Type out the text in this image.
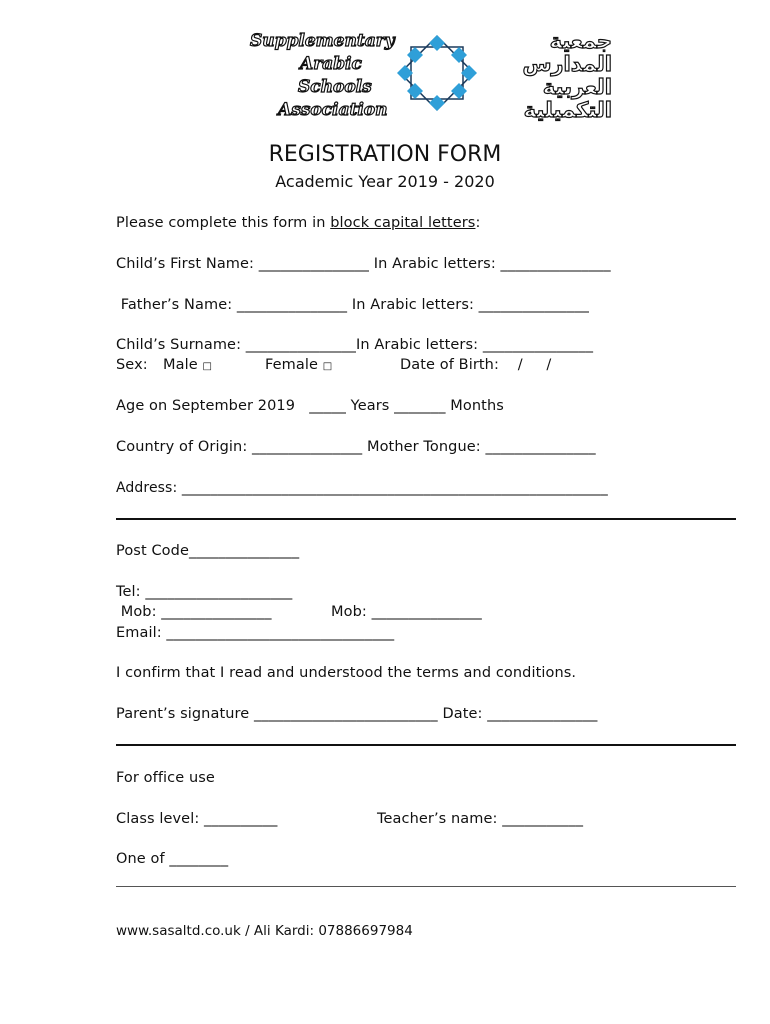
Supplementary
Arabic
Schools
Association
جمعية
المدارس
العربية
التكميلية
REGISTRATION FORM
Academic Year 2019 - 2020
Please complete this form in block capital letters:
Child’s First Name: _______________ In Arabic letters: _______________
Father’s Name: _______________ In Arabic letters: _______________
Child’s Surname: _______________In Arabic letters: _______________
Sex: Male □	Female □	Date of Birth:    /     /
Age on September 2019   _____ Years _______ Months
Country of Origin: _______________ Mother Tongue: _______________
Address: ____________________________________________________________
Post Code_______________
Tel: ____________________
Mob: _______________	Mob: _______________
Email: _______________________________
I confirm that I read and understood the terms and conditions.
Parent’s signature _________________________ Date: _______________
For office use
Class level: __________	Teacher’s name: ___________
One of ________
www.sasaltd.co.uk / Ali Kardi: 07886697984
